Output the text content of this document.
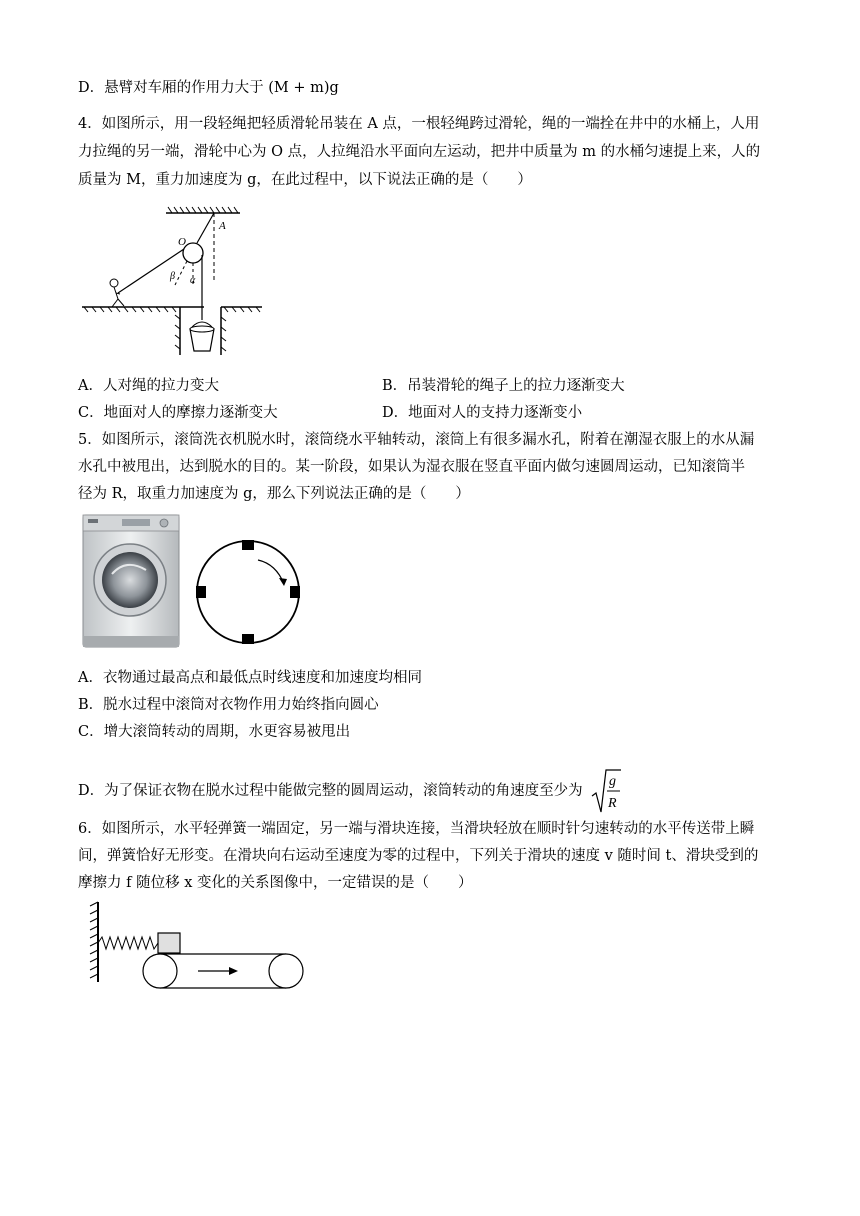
D．悬臂对车厢的作用力大于 (M + m)g
4．如图所示，用一段轻绳把轻质滑轮吊装在 A 点，一根轻绳跨过滑轮，绳的一端拴在井中的水桶上，人用
力拉绳的另一端，滑轮中心为 O 点，人拉绳沿水平面向左运动，把井中质量为 m 的水桶匀速提上来，人的
质量为 M，重力加速度为 g，在此过程中，以下说法正确的是（　　）
A
O
β α
A．人对绳的拉力变大	B．吊装滑轮的绳子上的拉力逐渐变大
C．地面对人的摩擦力逐渐变大	D．地面对人的支持力逐渐变小
5．如图所示，滚筒洗衣机脱水时，滚筒绕水平轴转动，滚筒上有很多漏水孔，附着在潮湿衣服上的水从漏
水孔中被甩出，达到脱水的目的。某一阶段，如果认为湿衣服在竖直平面内做匀速圆周运动，已知滚筒半
径为 R，取重力加速度为 g，那么下列说法正确的是（　　）
A．衣物通过最高点和最低点时线速度和加速度均相同
B．脱水过程中滚筒对衣物作用力始终指向圆心
C．增大滚筒转动的周期，水更容易被甩出
D．为了保证衣物在脱水过程中能做完整的圆周运动，滚筒转动的角速度至少为
g
R
6．如图所示，水平轻弹簧一端固定，另一端与滑块连接，当滑块轻放在顺时针匀速转动的水平传送带上瞬
间，弹簧恰好无形变。在滑块向右运动至速度为零的过程中，下列关于滑块的速度 v 随时间 t、滑块受到的
摩擦力 f 随位移 x 变化的关系图像中，一定错误的是（　　）
